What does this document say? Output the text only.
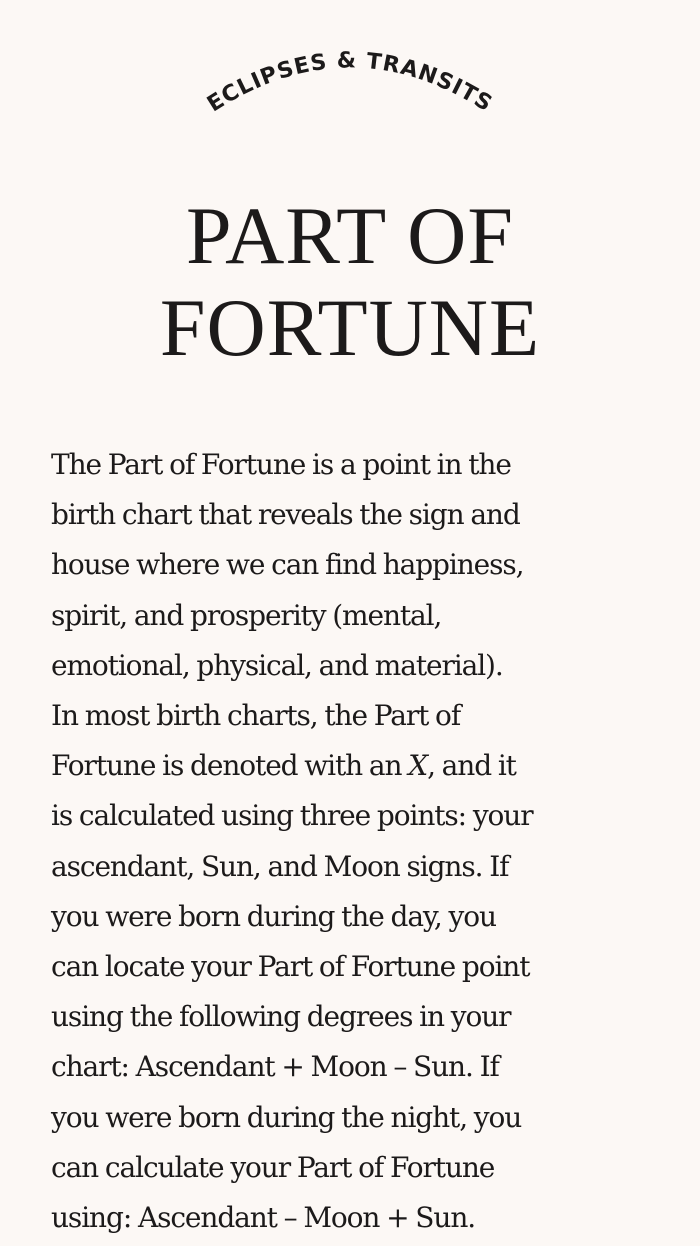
ECLIPSES & TRANSITS
PART OF
FORTUNE

The Part of Fortune is a point in the
birth chart that reveals the sign and
house where we can find happiness,
spirit, and prosperity (mental,
emotional, physical, and material).
In most birth charts, the Part of
Fortune is denoted with an X, and it
is calculated using three points: your
ascendant, Sun, and Moon signs. If
you were born during the day, you
can locate your Part of Fortune point
using the following degrees in your
chart: Ascendant + Moon – Sun. If
you were born during the night, you
can calculate your Part of Fortune
using: Ascendant – Moon + Sun.
